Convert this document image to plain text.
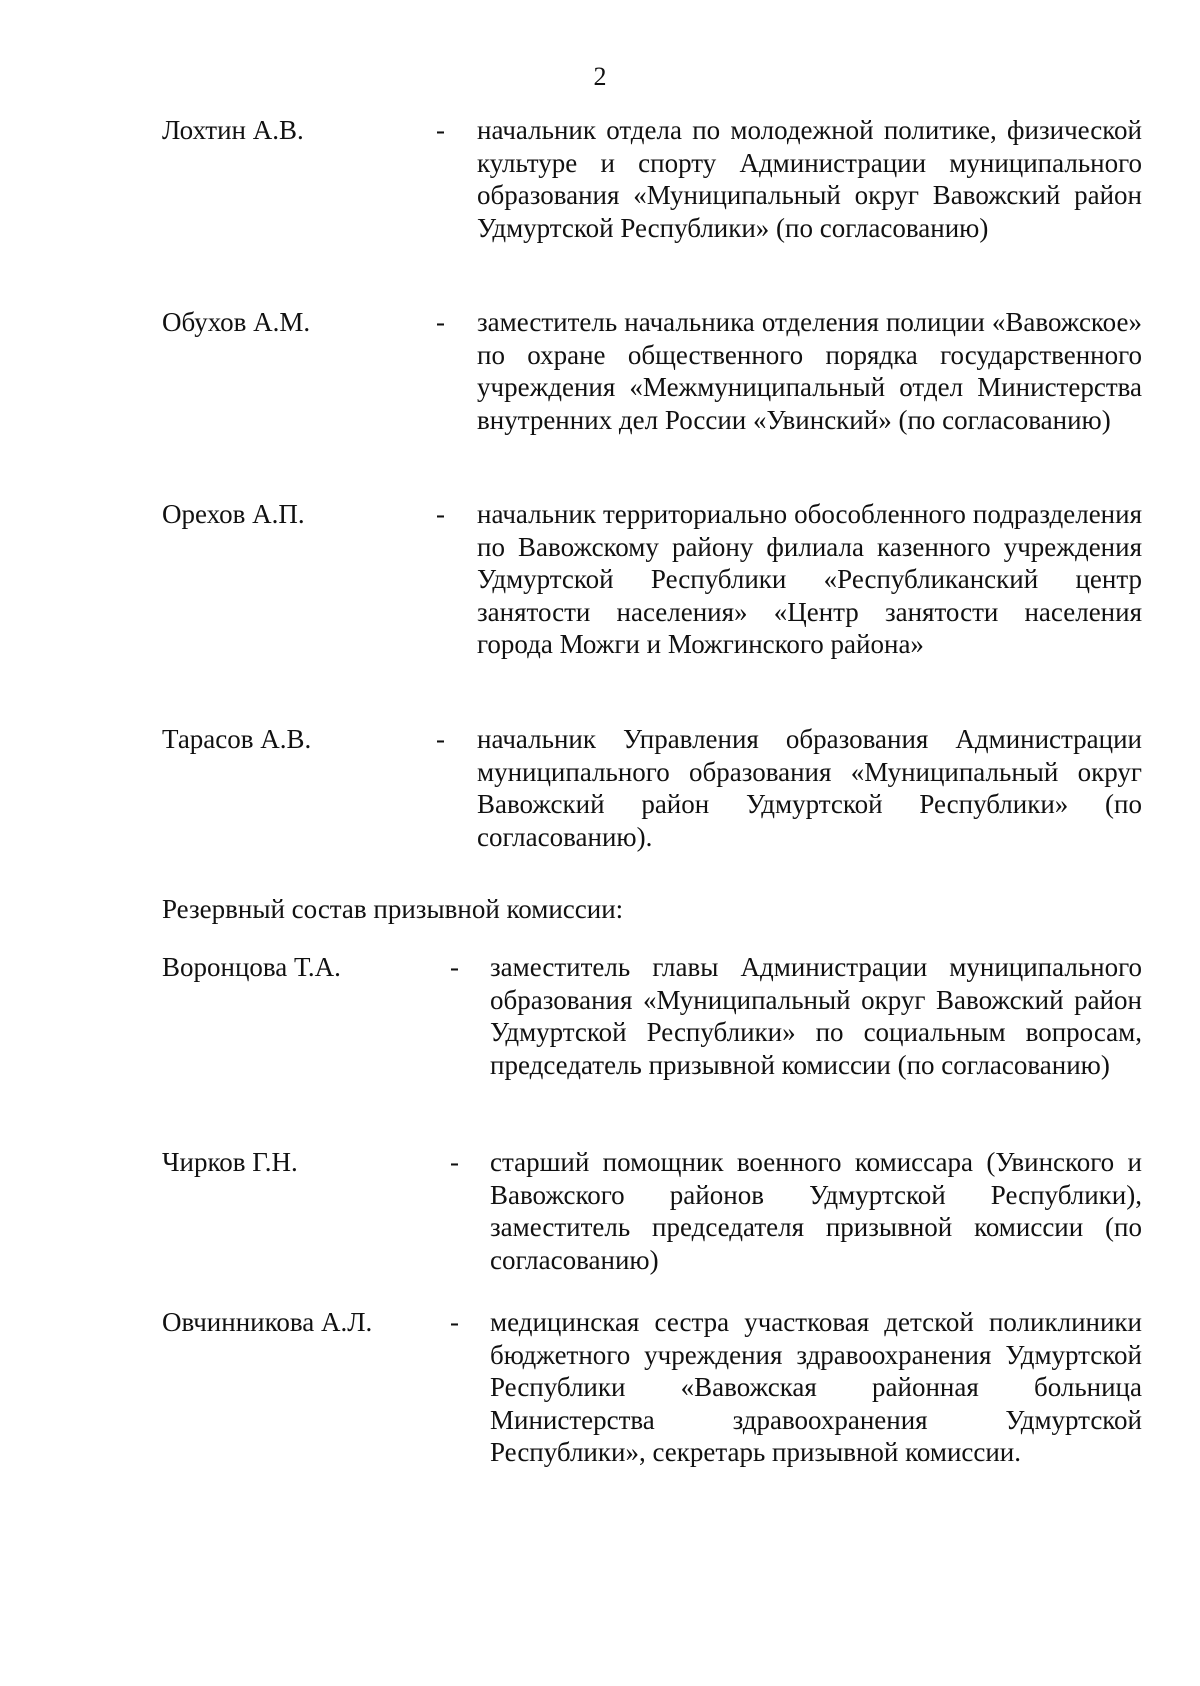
2
Лохтин А.В.	- начальник отдела по молодежной политике, физической культуре и спорту Администрации муниципального образования «Муниципальный округ Вавожский район Удмуртской Республики» (по согласованию)
Обухов А.М.	- заместитель начальника отделения полиции «Вавожское» по охране общественного порядка государственного учреждения «Межмуниципальный отдел Министерства внутренних дел России «Увинский» (по согласованию)
Орехов А.П.	- начальник территориально обособленного подразделения по Вавожскому району филиала казенного учреждения Удмуртской Республики «Республиканский центр занятости населения» «Центр занятости населения города Можги и Можгинского района»
Тарасов А.В.	- начальник Управления образования Администрации муниципального образования «Муниципальный округ Вавожский район Удмуртской Республики» (по согласованию).
Резервный состав призывной комиссии:
Воронцова Т.А.	- заместитель главы Администрации муниципального образования «Муниципальный округ Вавожский район Удмуртской Республики» по социальным вопросам, председатель призывной комиссии (по согласованию)
Чирков Г.Н.	- старший помощник военного комиссара (Увинского и Вавожского районов Удмуртской Республики), заместитель председателя призывной комиссии (по согласованию)
Овчинникова А.Л.	- медицинская сестра участковая детской поликлиники бюджетного учреждения здравоохранения Удмуртской Республики «Вавожская районная больница Министерства здравоохранения Удмуртской Республики», секретарь призывной комиссии.
